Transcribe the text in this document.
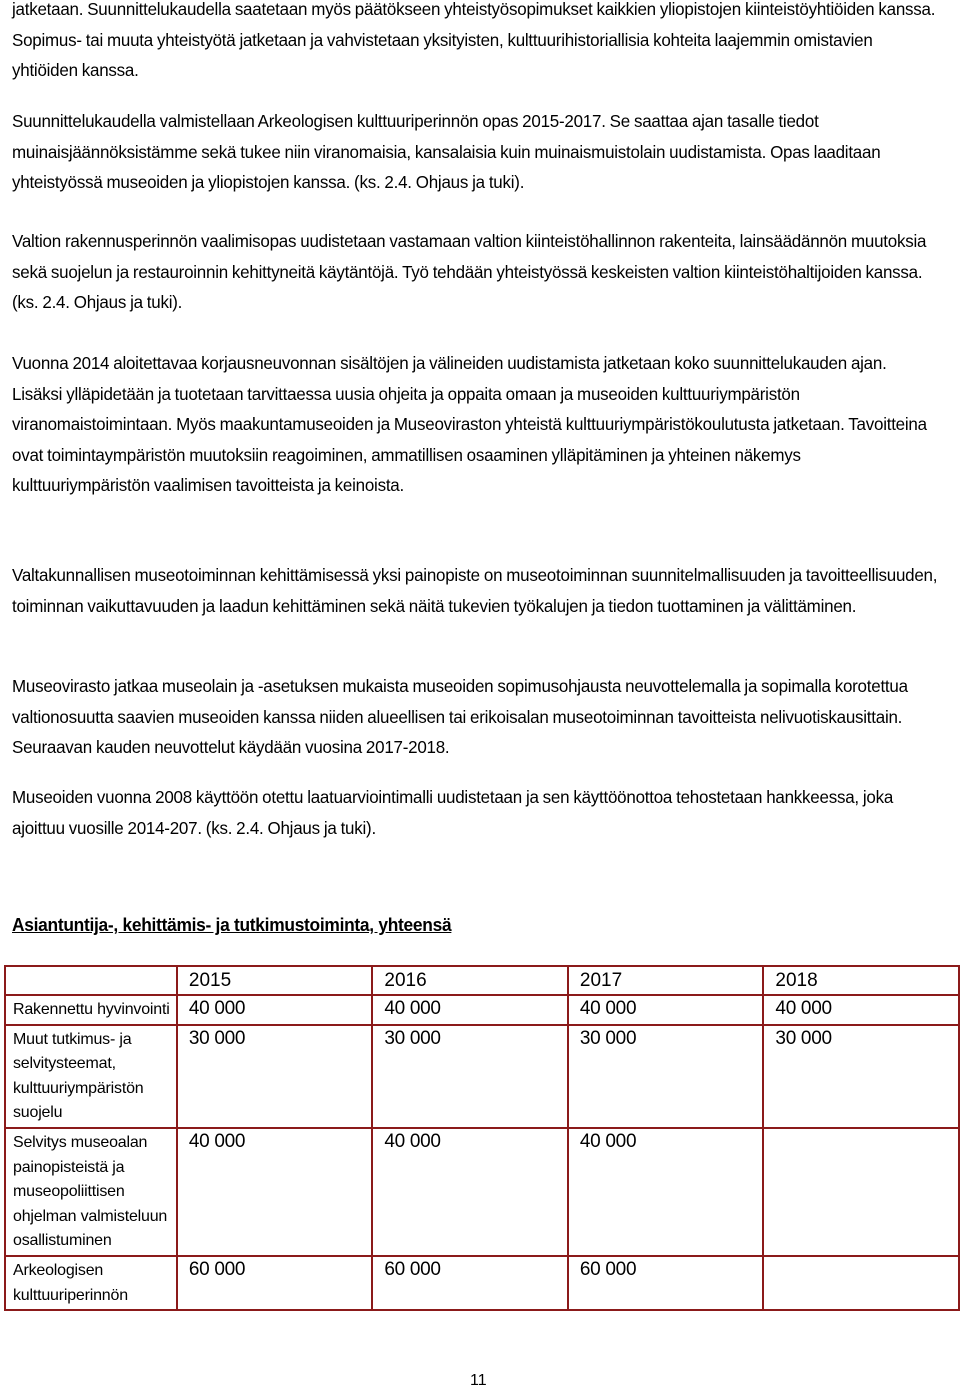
jatketaan. Suunnittelukaudella saatetaan myös päätökseen yhteistyösopimukset kaikkien yliopistojen kiinteistöyhtiöiden kanssa. Sopimus- tai muuta yhteistyötä jatketaan ja vahvistetaan yksityisten, kulttuurihistoriallisia kohteita laajemmin omistavien yhtiöiden kanssa.

Suunnittelukaudella valmistellaan Arkeologisen kulttuuriperinnön opas 2015-2017. Se saattaa ajan tasalle tiedot muinaisjäännöksistämme sekä tukee niin viranomaisia, kansalaisia kuin muinaismuistolain uudistamista. Opas laaditaan yhteistyössä museoiden ja yliopistojen kanssa. (ks. 2.4. Ohjaus ja tuki).

Valtion rakennusperinnön vaalimisopas uudistetaan vastamaan valtion kiinteistöhallinnon rakenteita, lainsäädännön muutoksia sekä suojelun ja restauroinnin kehittyneitä käytäntöjä. Työ tehdään yhteistyössä keskeisten valtion kiinteistöhaltijoiden kanssa. (ks. 2.4. Ohjaus ja tuki).

Vuonna 2014 aloitettavaa korjausneuvonnan sisältöjen ja välineiden uudistamista jatketaan koko suunnittelukauden ajan. Lisäksi ylläpidetään ja tuotetaan tarvittaessa uusia ohjeita ja oppaita omaan ja museoiden kulttuuriympäristön viranomaistoimintaan. Myös maakuntamuseoiden ja Museoviraston yhteistä kulttuuriympäristökoulutusta jatketaan. Tavoitteina ovat toimintaympäristön muutoksiin reagoiminen, ammatillisen osaaminen ylläpitäminen ja yhteinen näkemys kulttuuriympäristön vaalimisen tavoitteista ja keinoista.

Valtakunnallisen museotoiminnan kehittämisessä yksi painopiste on museotoiminnan suunnitelmallisuuden ja tavoitteellisuuden, toiminnan vaikuttavuuden ja laadun kehittäminen sekä näitä tukevien työkalujen ja tiedon tuottaminen ja välittäminen.

Museovirasto jatkaa museolain ja -asetuksen mukaista museoiden sopimusohjausta neuvottelemalla ja sopimalla korotettua valtionosuutta saavien museoiden kanssa niiden alueellisen tai erikoisalan museotoiminnan tavoitteista nelivuotiskausittain. Seuraavan kauden neuvottelut käydään vuosina 2017-2018.

Museoiden vuonna 2008 käyttöön otettu laatuarviointimalli uudistetaan ja sen käyttöönottoa tehostetaan hankkeessa, joka ajoittuu vuosille 2014-207. (ks. 2.4. Ohjaus ja tuki).

Asiantuntija-, kehittämis- ja tutkimustoiminta, yhteensä
	2015	2016	2017	2018
Rakennettu hyvinvointi	40 000	40 000	40 000	40 000
Muut tutkimus- ja selvitysteemat, kulttuuriympäristön suojelu	30 000	30 000	30 000	30 000
Selvitys museoalan painopisteistä ja museopoliittisen ohjelman valmisteluun osallistuminen	40 000	40 000	40 000	
Arkeologisen kulttuuriperinnön	60 000	60 000	60 000	

11
